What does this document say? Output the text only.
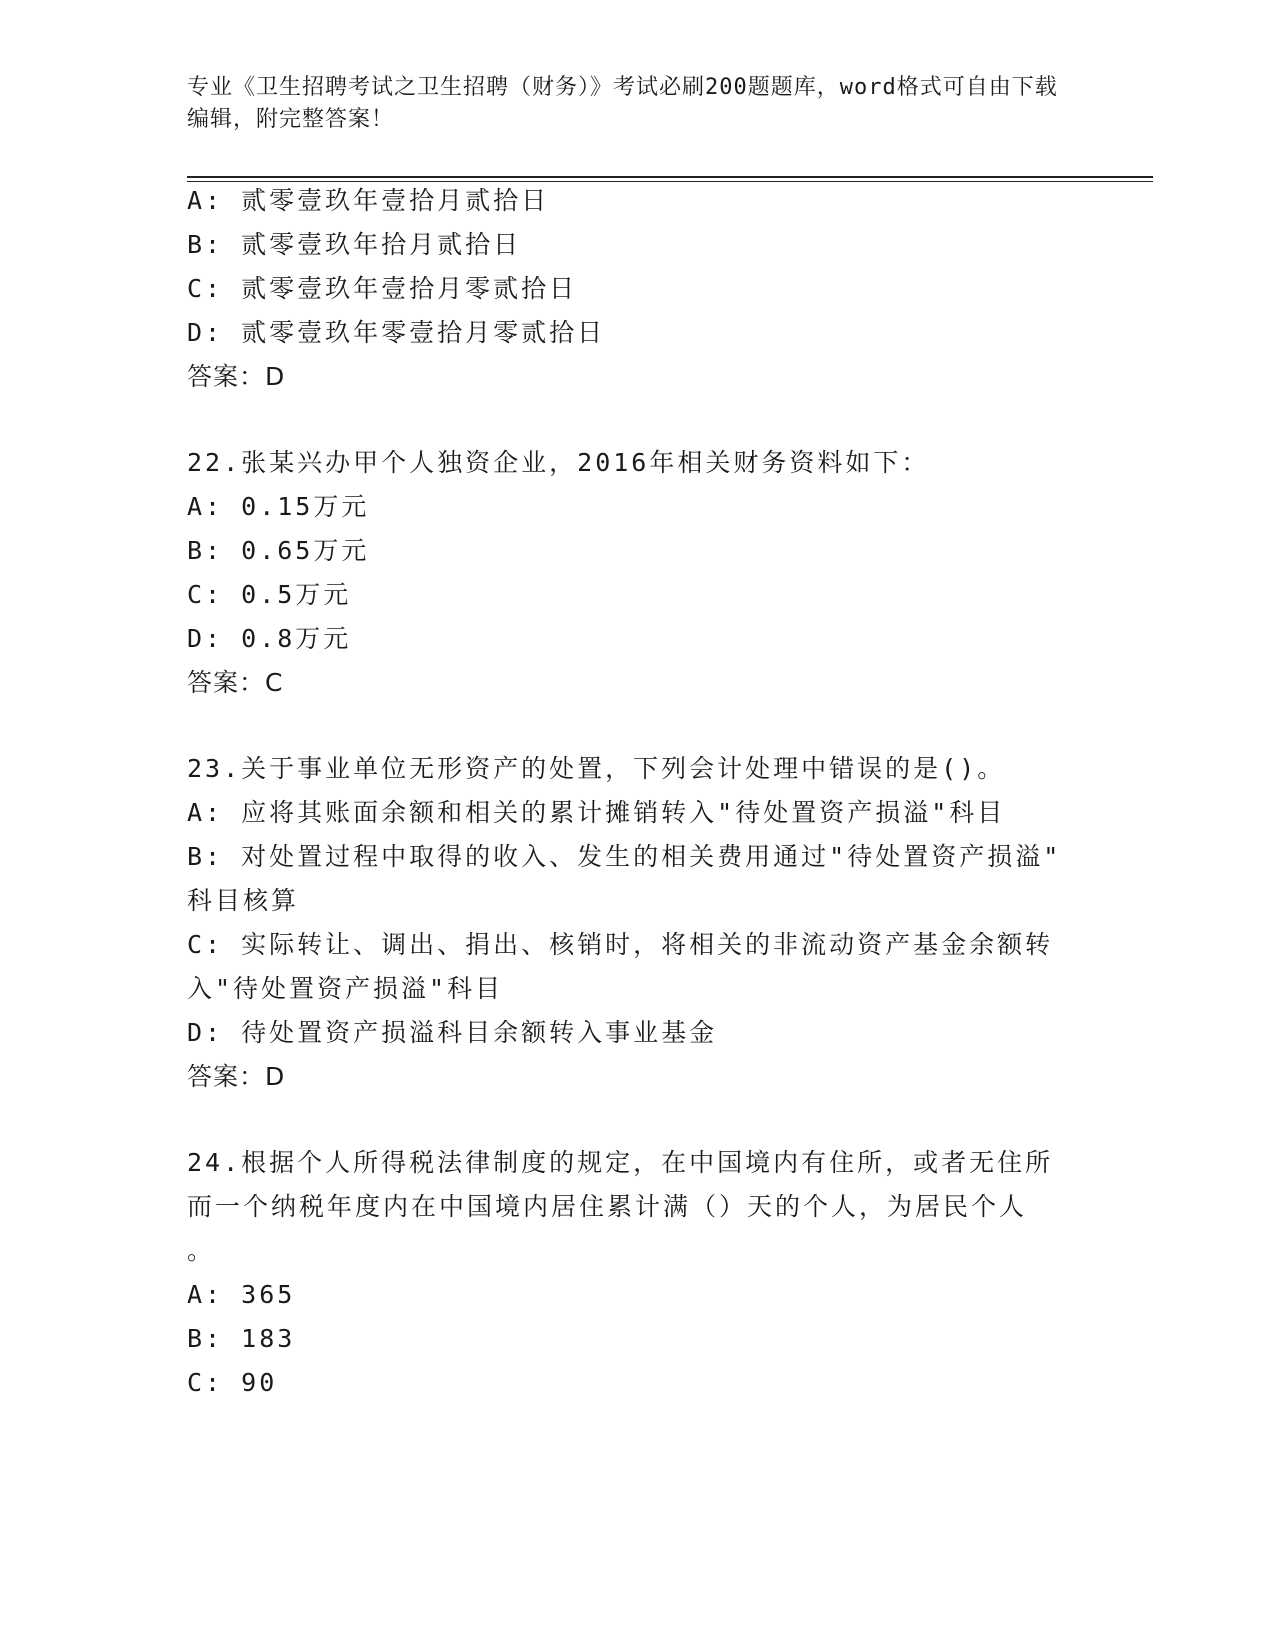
专业《卫生招聘考试之卫生招聘（财务）》考试必刷200题题库，word格式可自由下载编辑，附完整答案！
A: 贰零壹玖年壹拾月贰拾日
B: 贰零壹玖年拾月贰拾日
C: 贰零壹玖年壹拾月零贰拾日
D: 贰零壹玖年零壹拾月零贰拾日
答案：D
22.张某兴办甲个人独资企业，2016年相关财务资料如下：
A: 0.15万元
B: 0.65万元
C: 0.5万元
D: 0.8万元
答案：C
23.关于事业单位无形资产的处置，下列会计处理中错误的是()。
A: 应将其账面余额和相关的累计摊销转入"待处置资产损溢"科目
B: 对处置过程中取得的收入、发生的相关费用通过"待处置资产损溢"
科目核算
C: 实际转让、调出、捐出、核销时，将相关的非流动资产基金余额转
入"待处置资产损溢"科目
D: 待处置资产损溢科目余额转入事业基金
答案：D
24.根据个人所得税法律制度的规定，在中国境内有住所，或者无住所
而一个纳税年度内在中国境内居住累计满（）天的个人，为居民个人
。
A: 365
B: 183
C: 90
